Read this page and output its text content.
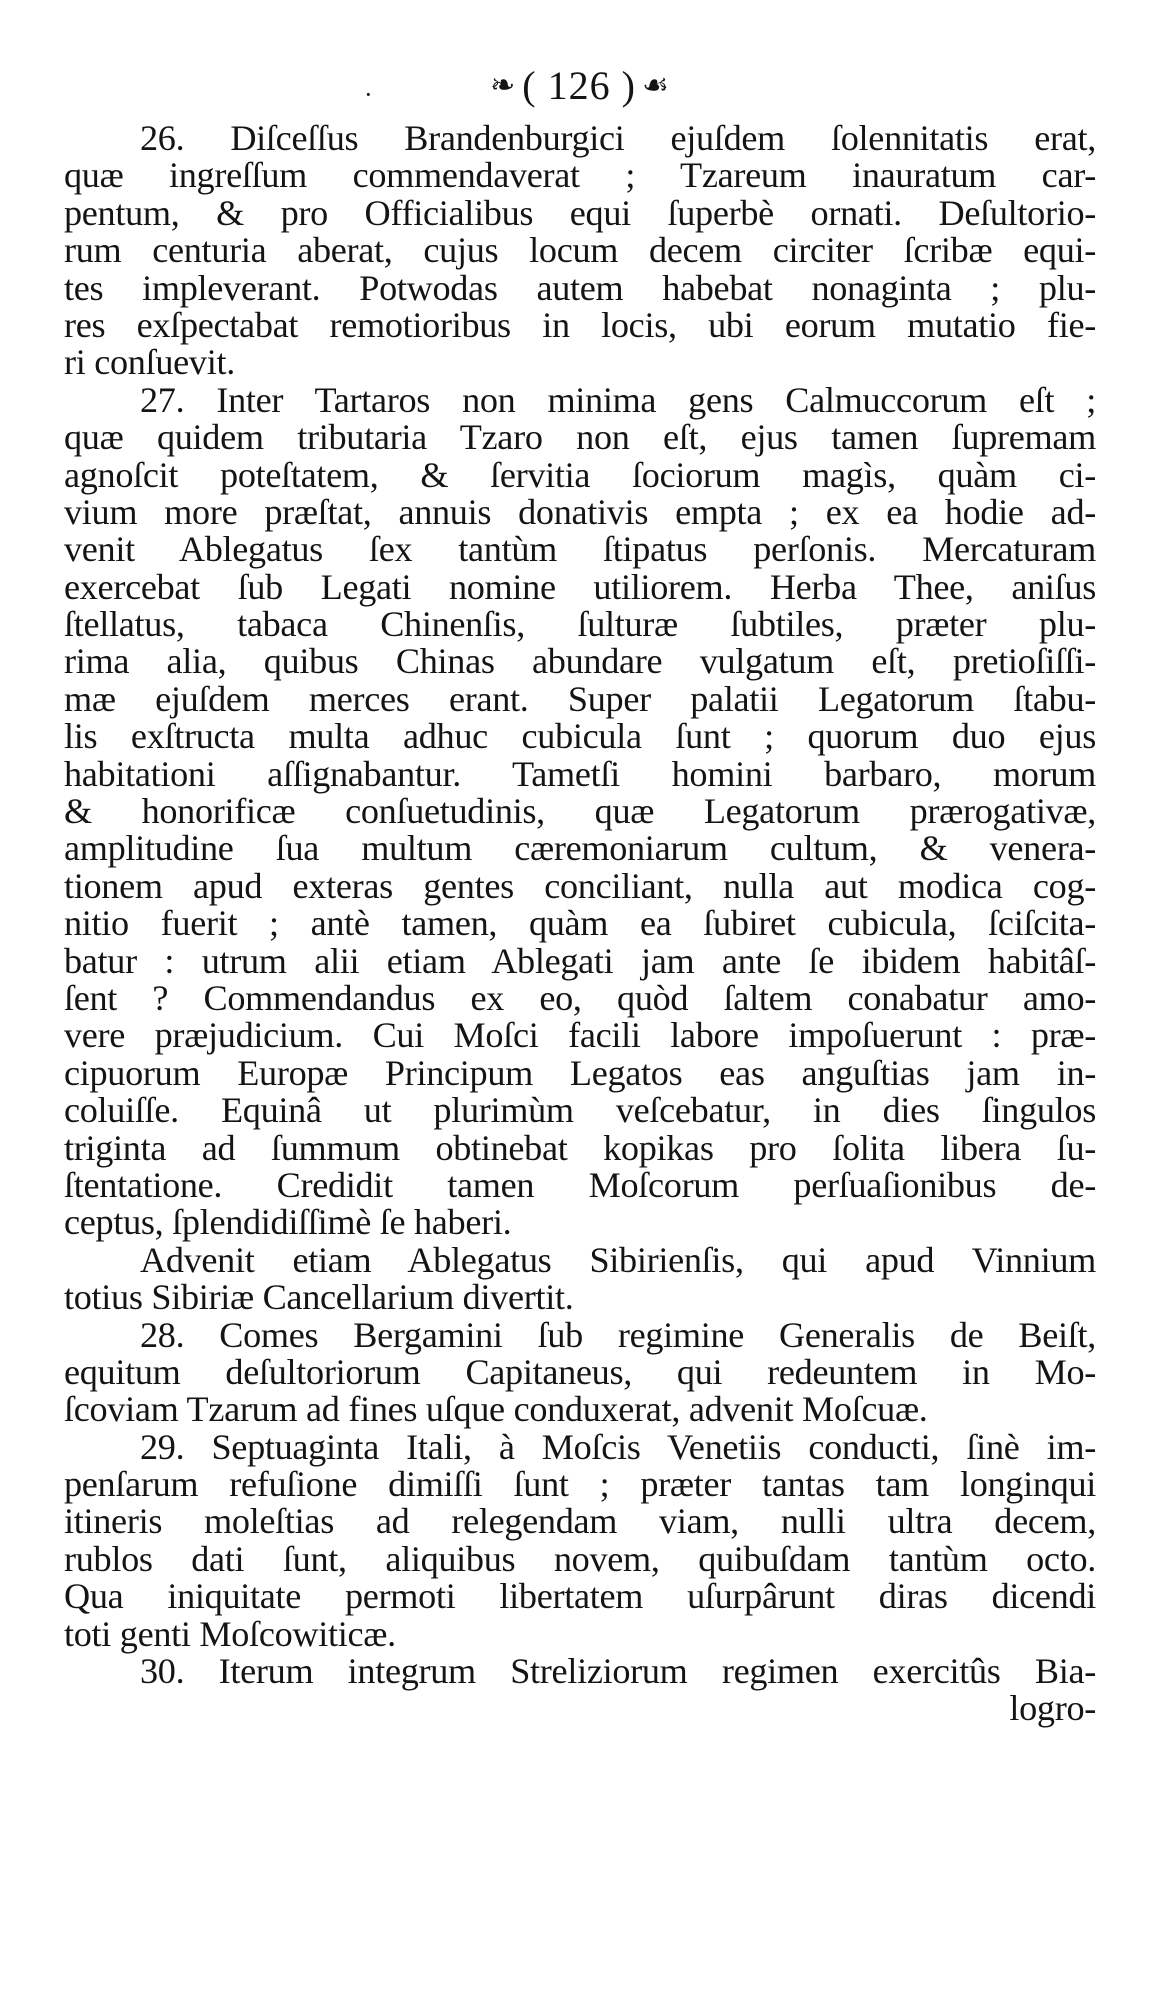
·	❧ ( 126 ) ☙
26. Diſceſſus Brandenburgici ejuſdem ſolennitatis erat,
quæ ingreſſum commendaverat ; Tzareum inauratum car-
pentum, & pro Officialibus equi ſuperbè ornati. Deſultorio-
rum centuria aberat, cujus locum decem circiter ſcribæ equi-
tes impleverant. Potwodas autem habebat nonaginta ; plu-
res exſpectabat remotioribus in locis, ubi eorum mutatio fie-
ri conſuevit.
27. Inter Tartaros non minima gens Calmuccorum eſt ;
quæ quidem tributaria Tzaro non eſt, ejus tamen ſupremam
agnoſcit poteſtatem, & ſervitia ſociorum magìs, quàm ci-
vium more præſtat, annuis donativis empta ; ex ea hodie ad-
venit Ablegatus ſex tantùm ſtipatus perſonis. Mercaturam
exercebat ſub Legati nomine utiliorem. Herba Thee, aniſus
ſtellatus, tabaca Chinenſis, ſulturæ ſubtiles, præter plu-
rima alia, quibus Chinas abundare vulgatum eſt, pretioſiſſi-
mæ ejuſdem merces erant. Super palatii Legatorum ſtabu-
lis exſtructa multa adhuc cubicula ſunt ; quorum duo ejus
habitationi aſſignabantur. Tametſi homini barbaro, morum
& honorificæ conſuetudinis, quæ Legatorum prærogativæ,
amplitudine ſua multum cæremoniarum cultum, & venera-
tionem apud exteras gentes conciliant, nulla aut modica cog-
nitio fuerit ; antè tamen, quàm ea ſubiret cubicula, ſciſcita-
batur : utrum alii etiam Ablegati jam ante ſe ibidem habitâſ-
ſent ? Commendandus ex eo, quòd ſaltem conabatur amo-
vere præjudicium. Cui Moſci facili labore impoſuerunt : præ-
cipuorum Europæ Principum Legatos eas anguſtias jam in-
coluiſſe. Equinâ ut plurimùm veſcebatur, in dies ſingulos
triginta ad ſummum obtinebat kopikas pro ſolita libera ſu-
ſtentatione. Credidit tamen Moſcorum perſuaſionibus de-
ceptus, ſplendidiſſimè ſe haberi.
Advenit etiam Ablegatus Sibirienſis, qui apud Vinnium
totius Sibiriæ Cancellarium divertit.
28. Comes Bergamini ſub regimine Generalis de Beiſt,
equitum deſultoriorum Capitaneus, qui redeuntem in Mo-
ſcoviam Tzarum ad fines uſque conduxerat, advenit Moſcuæ.
29. Septuaginta Itali, à Moſcis Venetiis conducti, ſinè im-
penſarum refuſione dimiſſi ſunt ; præter tantas tam longinqui
itineris moleſtias ad relegendam viam, nulli ultra decem,
rublos dati ſunt, aliquibus novem, quibuſdam tantùm octo.
Qua iniquitate permoti libertatem uſurpârunt diras dicendi
toti genti Moſcowiticæ.
30. Iterum integrum Streliziorum regimen exercitûs Bia-
logro-
